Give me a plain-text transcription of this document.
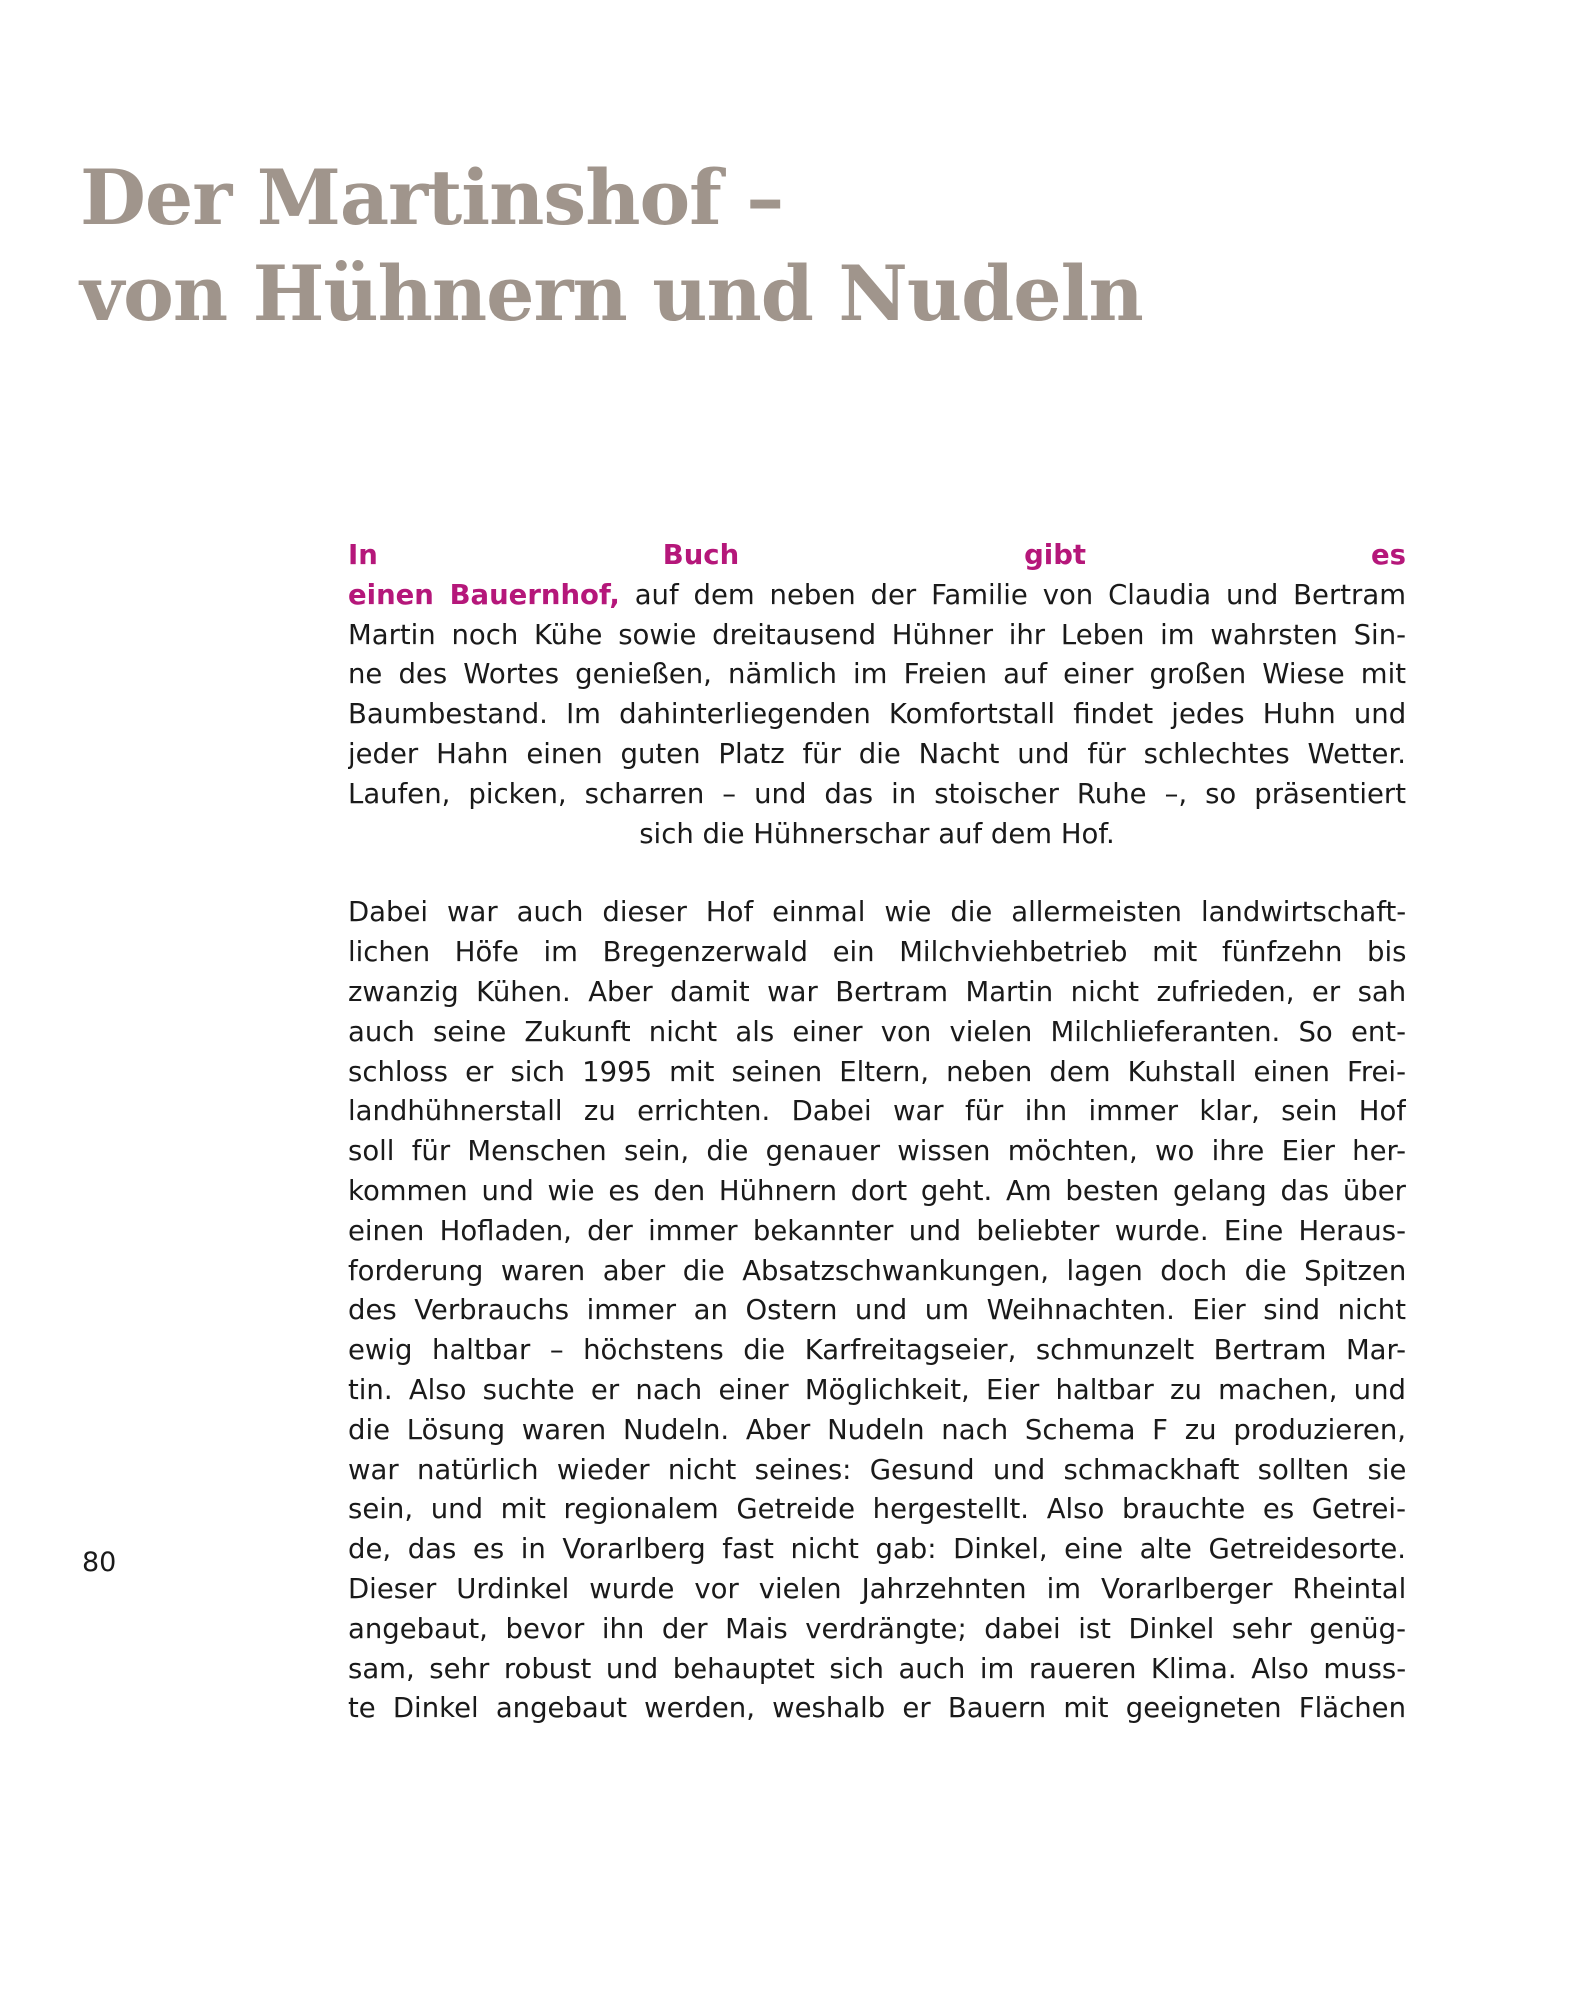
Der Martinshof –
von Hühnern und Nudeln
In Buch gibt es
einen Bauernhof, auf dem neben der Familie von Claudia und Bertram
Martin noch Kühe sowie dreitausend Hühner ihr Leben im wahrsten Sin-
ne des Wortes genießen, nämlich im Freien auf einer großen Wiese mit
Baumbestand. Im dahinterliegenden Komfortstall findet jedes Huhn und
jeder Hahn einen guten Platz für die Nacht und für schlechtes Wetter.
Laufen, picken, scharren – und das in stoischer Ruhe –, so präsentiert
sich die Hühnerschar auf dem Hof.
Dabei war auch dieser Hof einmal wie die allermeisten landwirtschaft-
lichen Höfe im Bregenzerwald ein Milchviehbetrieb mit fünfzehn bis
zwanzig Kühen. Aber damit war Bertram Martin nicht zufrieden, er sah
auch seine Zukunft nicht als einer von vielen Milchlieferanten. So ent-
schloss er sich 1995 mit seinen Eltern, neben dem Kuhstall einen Frei-
landhühnerstall zu errichten. Dabei war für ihn immer klar, sein Hof
soll für Menschen sein, die genauer wissen möchten, wo ihre Eier her-
kommen und wie es den Hühnern dort geht. Am besten gelang das über
einen Hofladen, der immer bekannter und beliebter wurde. Eine Heraus-
forderung waren aber die Absatzschwankungen, lagen doch die Spitzen
des Verbrauchs immer an Ostern und um Weihnachten. Eier sind nicht
ewig haltbar – höchstens die Karfreitagseier, schmunzelt Bertram Mar-
tin. Also suchte er nach einer Möglichkeit, Eier haltbar zu machen, und
die Lösung waren Nudeln. Aber Nudeln nach Schema F zu produzieren,
war natürlich wieder nicht seines: Gesund und schmackhaft sollten sie
sein, und mit regionalem Getreide hergestellt. Also brauchte es Getrei-
de, das es in Vorarlberg fast nicht gab: Dinkel, eine alte Getreidesorte.
Dieser Urdinkel wurde vor vielen Jahrzehnten im Vorarlberger Rheintal
angebaut, bevor ihn der Mais verdrängte; dabei ist Dinkel sehr genüg-
sam, sehr robust und behauptet sich auch im raueren Klima. Also muss-
te Dinkel angebaut werden, weshalb er Bauern mit geeigneten Flächen
80
